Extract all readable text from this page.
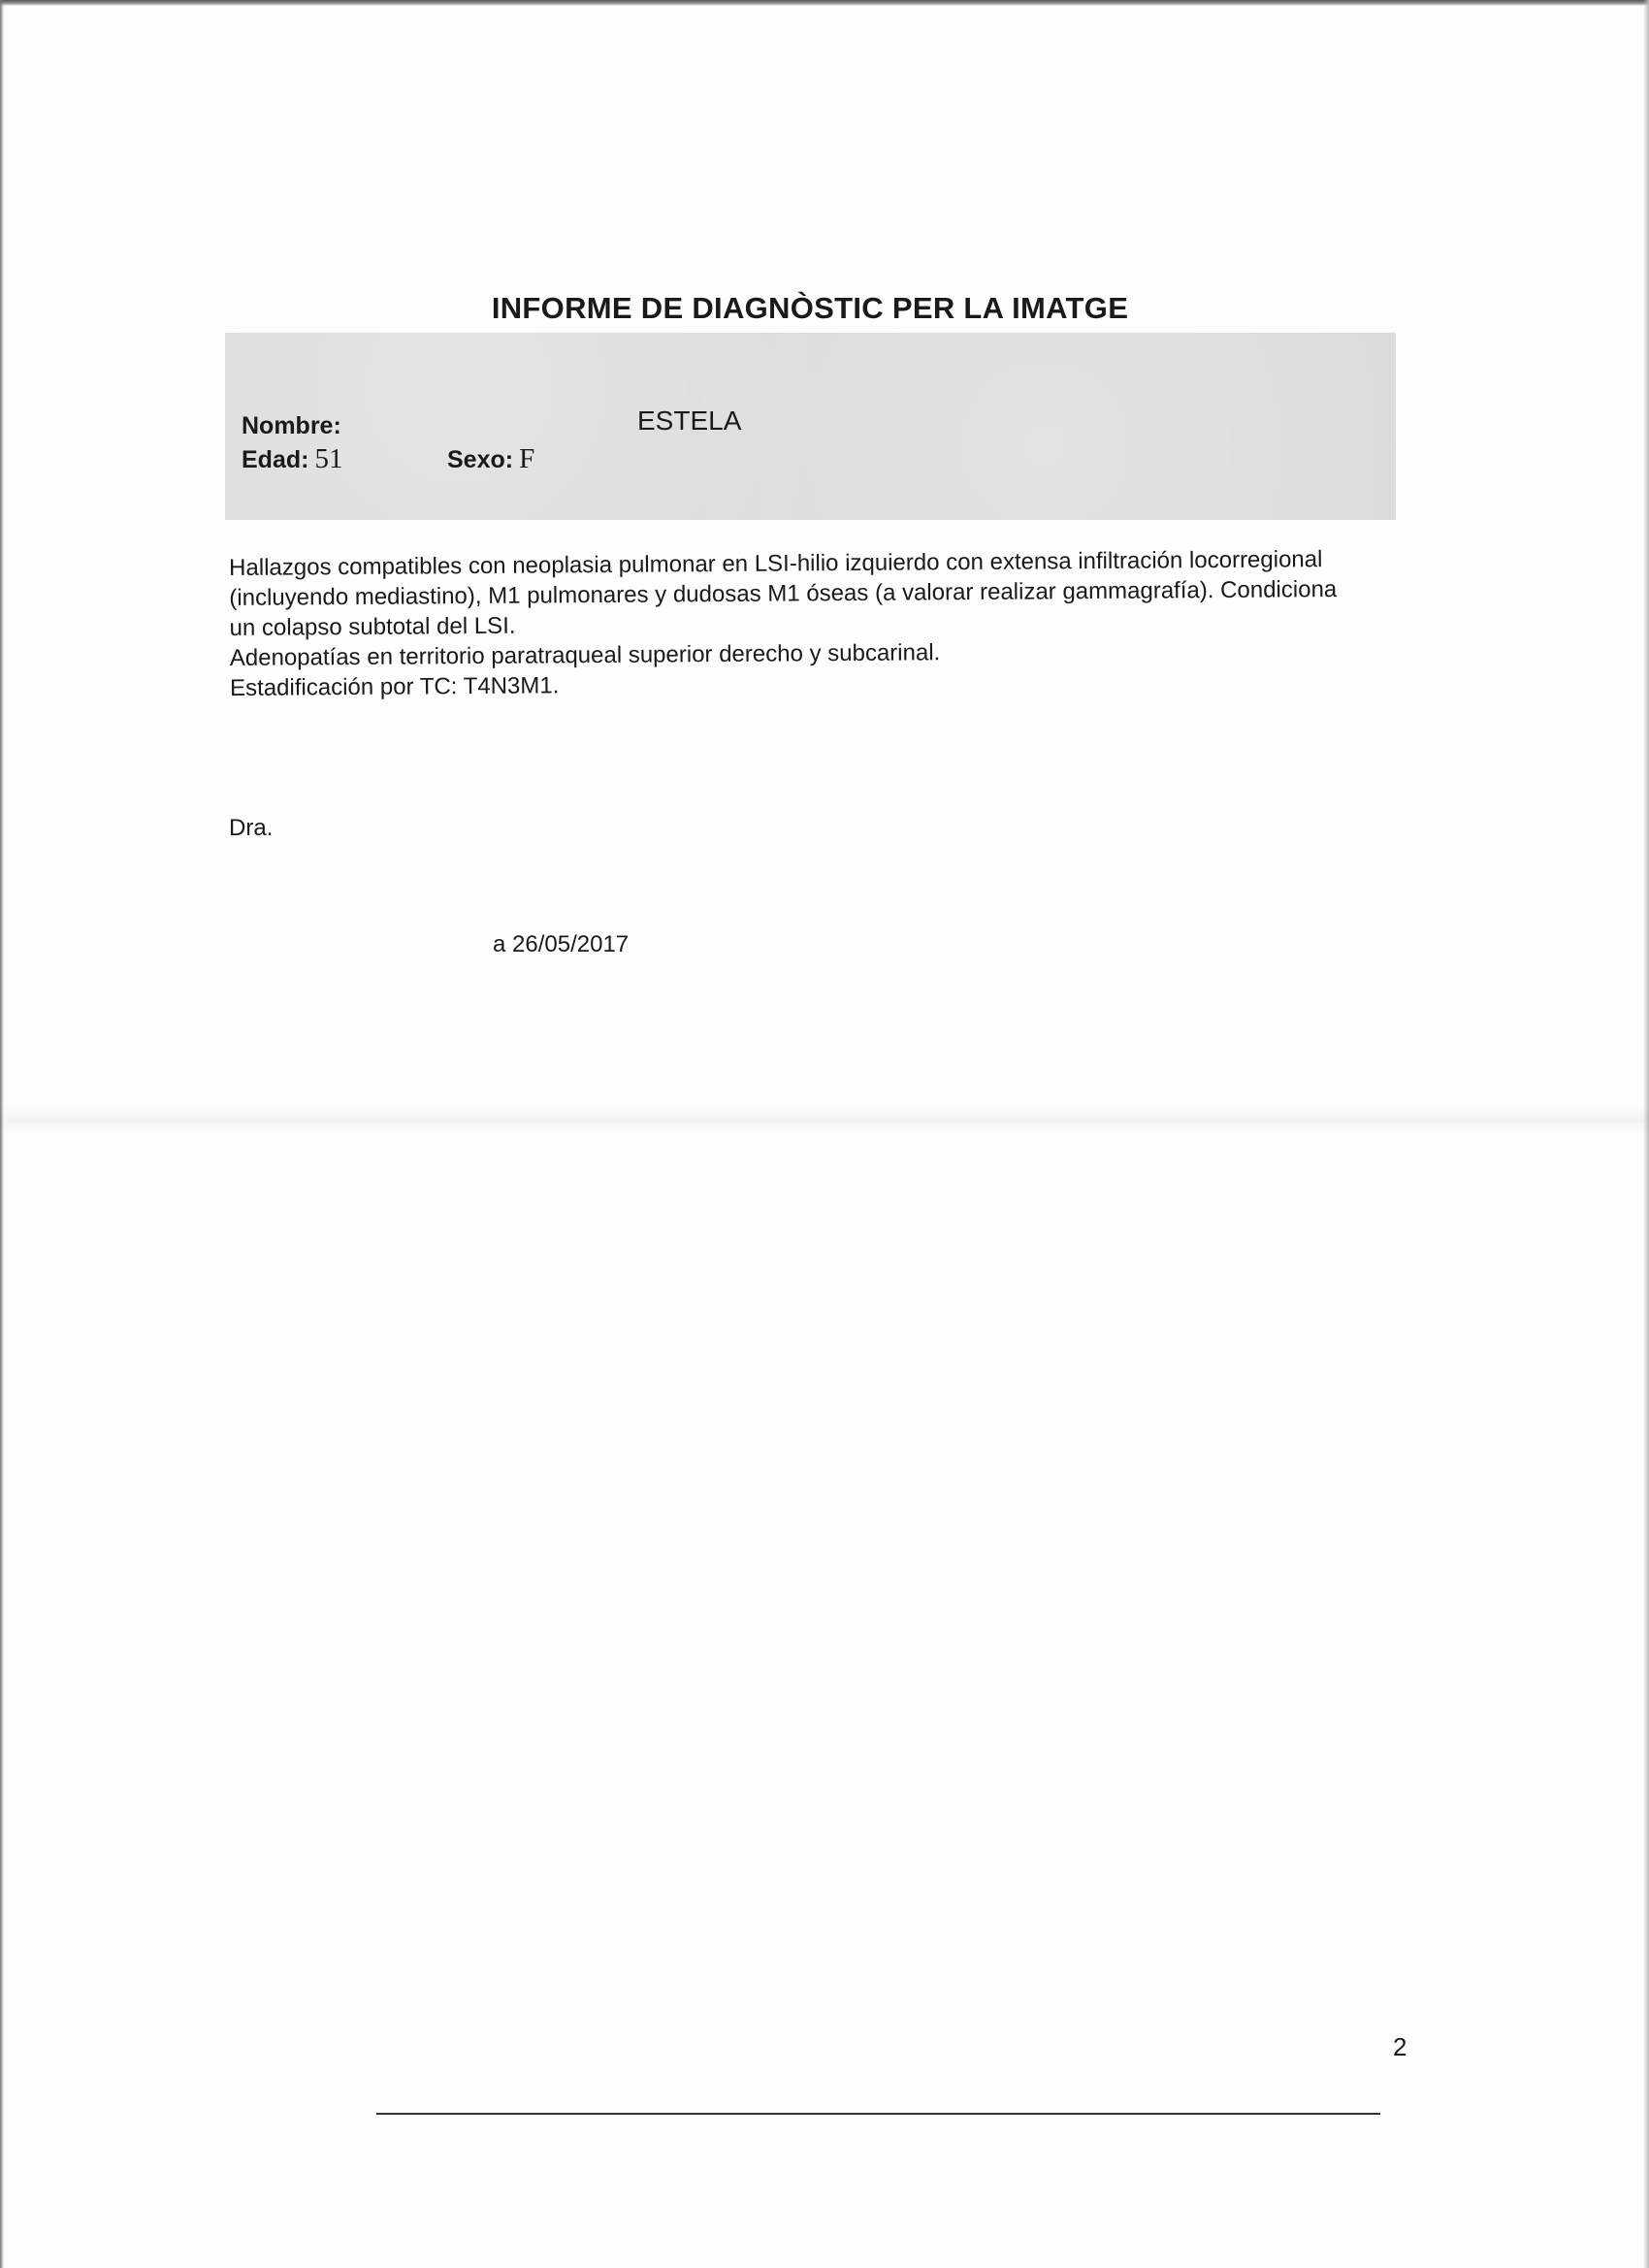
INFORME DE DIAGNÒSTIC PER LA IMATGE
Nombre:	ESTELA
Edad: 51	Sexo: F

Hallazgos compatibles con neoplasia pulmonar en LSI-hilio izquierdo con extensa infiltración locorregional (incluyendo mediastino), M1 pulmonares y dudosas M1 óseas (a valorar realizar gammagrafía). Condiciona un colapso subtotal del LSI.

Adenopatías en territorio paratraqueal superior derecho y subcarinal.

Estadificación por TC: T4N3M1.

Dra.
a 26/05/2017
2
